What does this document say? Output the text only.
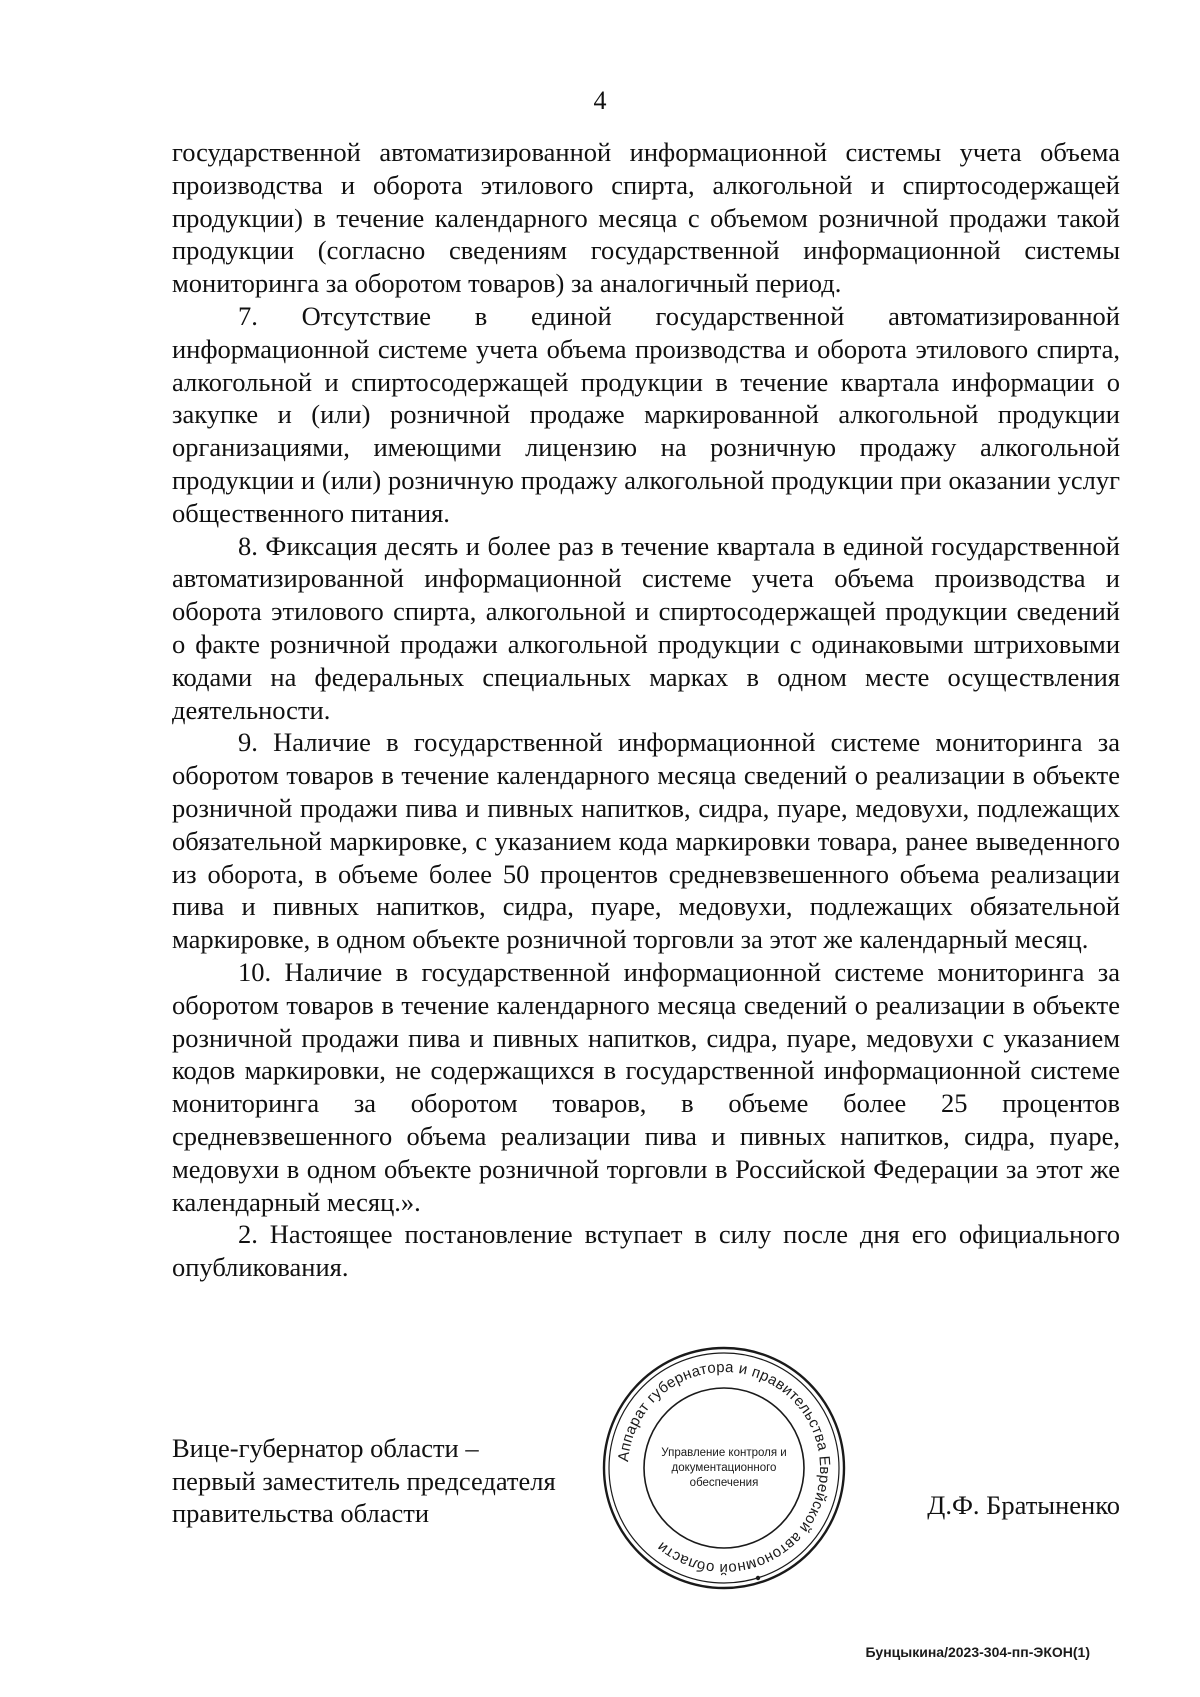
4

государственной автоматизированной информационной системы учета объема производства и оборота этилового спирта, алкогольной и спиртосодержащей продукции) в течение календарного месяца с объемом розничной продажи такой продукции (согласно сведениям государственной информационной системы мониторинга за оборотом товаров) за аналогичный период.

7. Отсутствие в единой государственной автоматизированной информационной системе учета объема производства и оборота этилового спирта, алкогольной и спиртосодержащей продукции в течение квартала информации о закупке и (или) розничной продаже маркированной алкогольной продукции организациями, имеющими лицензию на розничную продажу алкогольной продукции и (или) розничную продажу алкогольной продукции при оказании услуг общественного питания.

8. Фиксация десять и более раз в течение квартала в единой государственной автоматизированной информационной системе учета объема производства и оборота этилового спирта, алкогольной и спиртосодержащей продукции сведений о факте розничной продажи алкогольной продукции с одинаковыми штриховыми кодами на федеральных специальных марках в одном месте осуществления деятельности.

9. Наличие в государственной информационной системе мониторинга за оборотом товаров в течение календарного месяца сведений о реализации в объекте розничной продажи пива и пивных напитков, сидра, пуаре, медовухи, подлежащих обязательной маркировке, с указанием кода маркировки товара, ранее выведенного из оборота, в объеме более 50 процентов средневзвешенного объема реализации пива и пивных напитков, сидра, пуаре, медовухи, подлежащих обязательной маркировке, в одном объекте розничной торговли за этот же календарный месяц.

10. Наличие в государственной информационной системе мониторинга за оборотом товаров в течение календарного месяца сведений о реализации в объекте розничной продажи пива и пивных напитков, сидра, пуаре, медовухи с указанием кодов маркировки, не содержащихся в государственной информационной системе мониторинга за оборотом товаров, в объеме более 25 процентов средневзвешенного объема реализации пива и пивных напитков, сидра, пуаре, медовухи в одном объекте розничной торговли в Российской Федерации за этот же календарный месяц.».

2. Настоящее постановление вступает в силу после дня его официального опубликования.

Вице-губернатор области –
первый заместитель председателя
правительства области
Аппарат губернатора и правительства Еврейской автономной области
Управление контроля и
документационного
обеспечения
Д.Ф. Братыненко
Бунцыкина/2023-304-пп-ЭКОН(1)
